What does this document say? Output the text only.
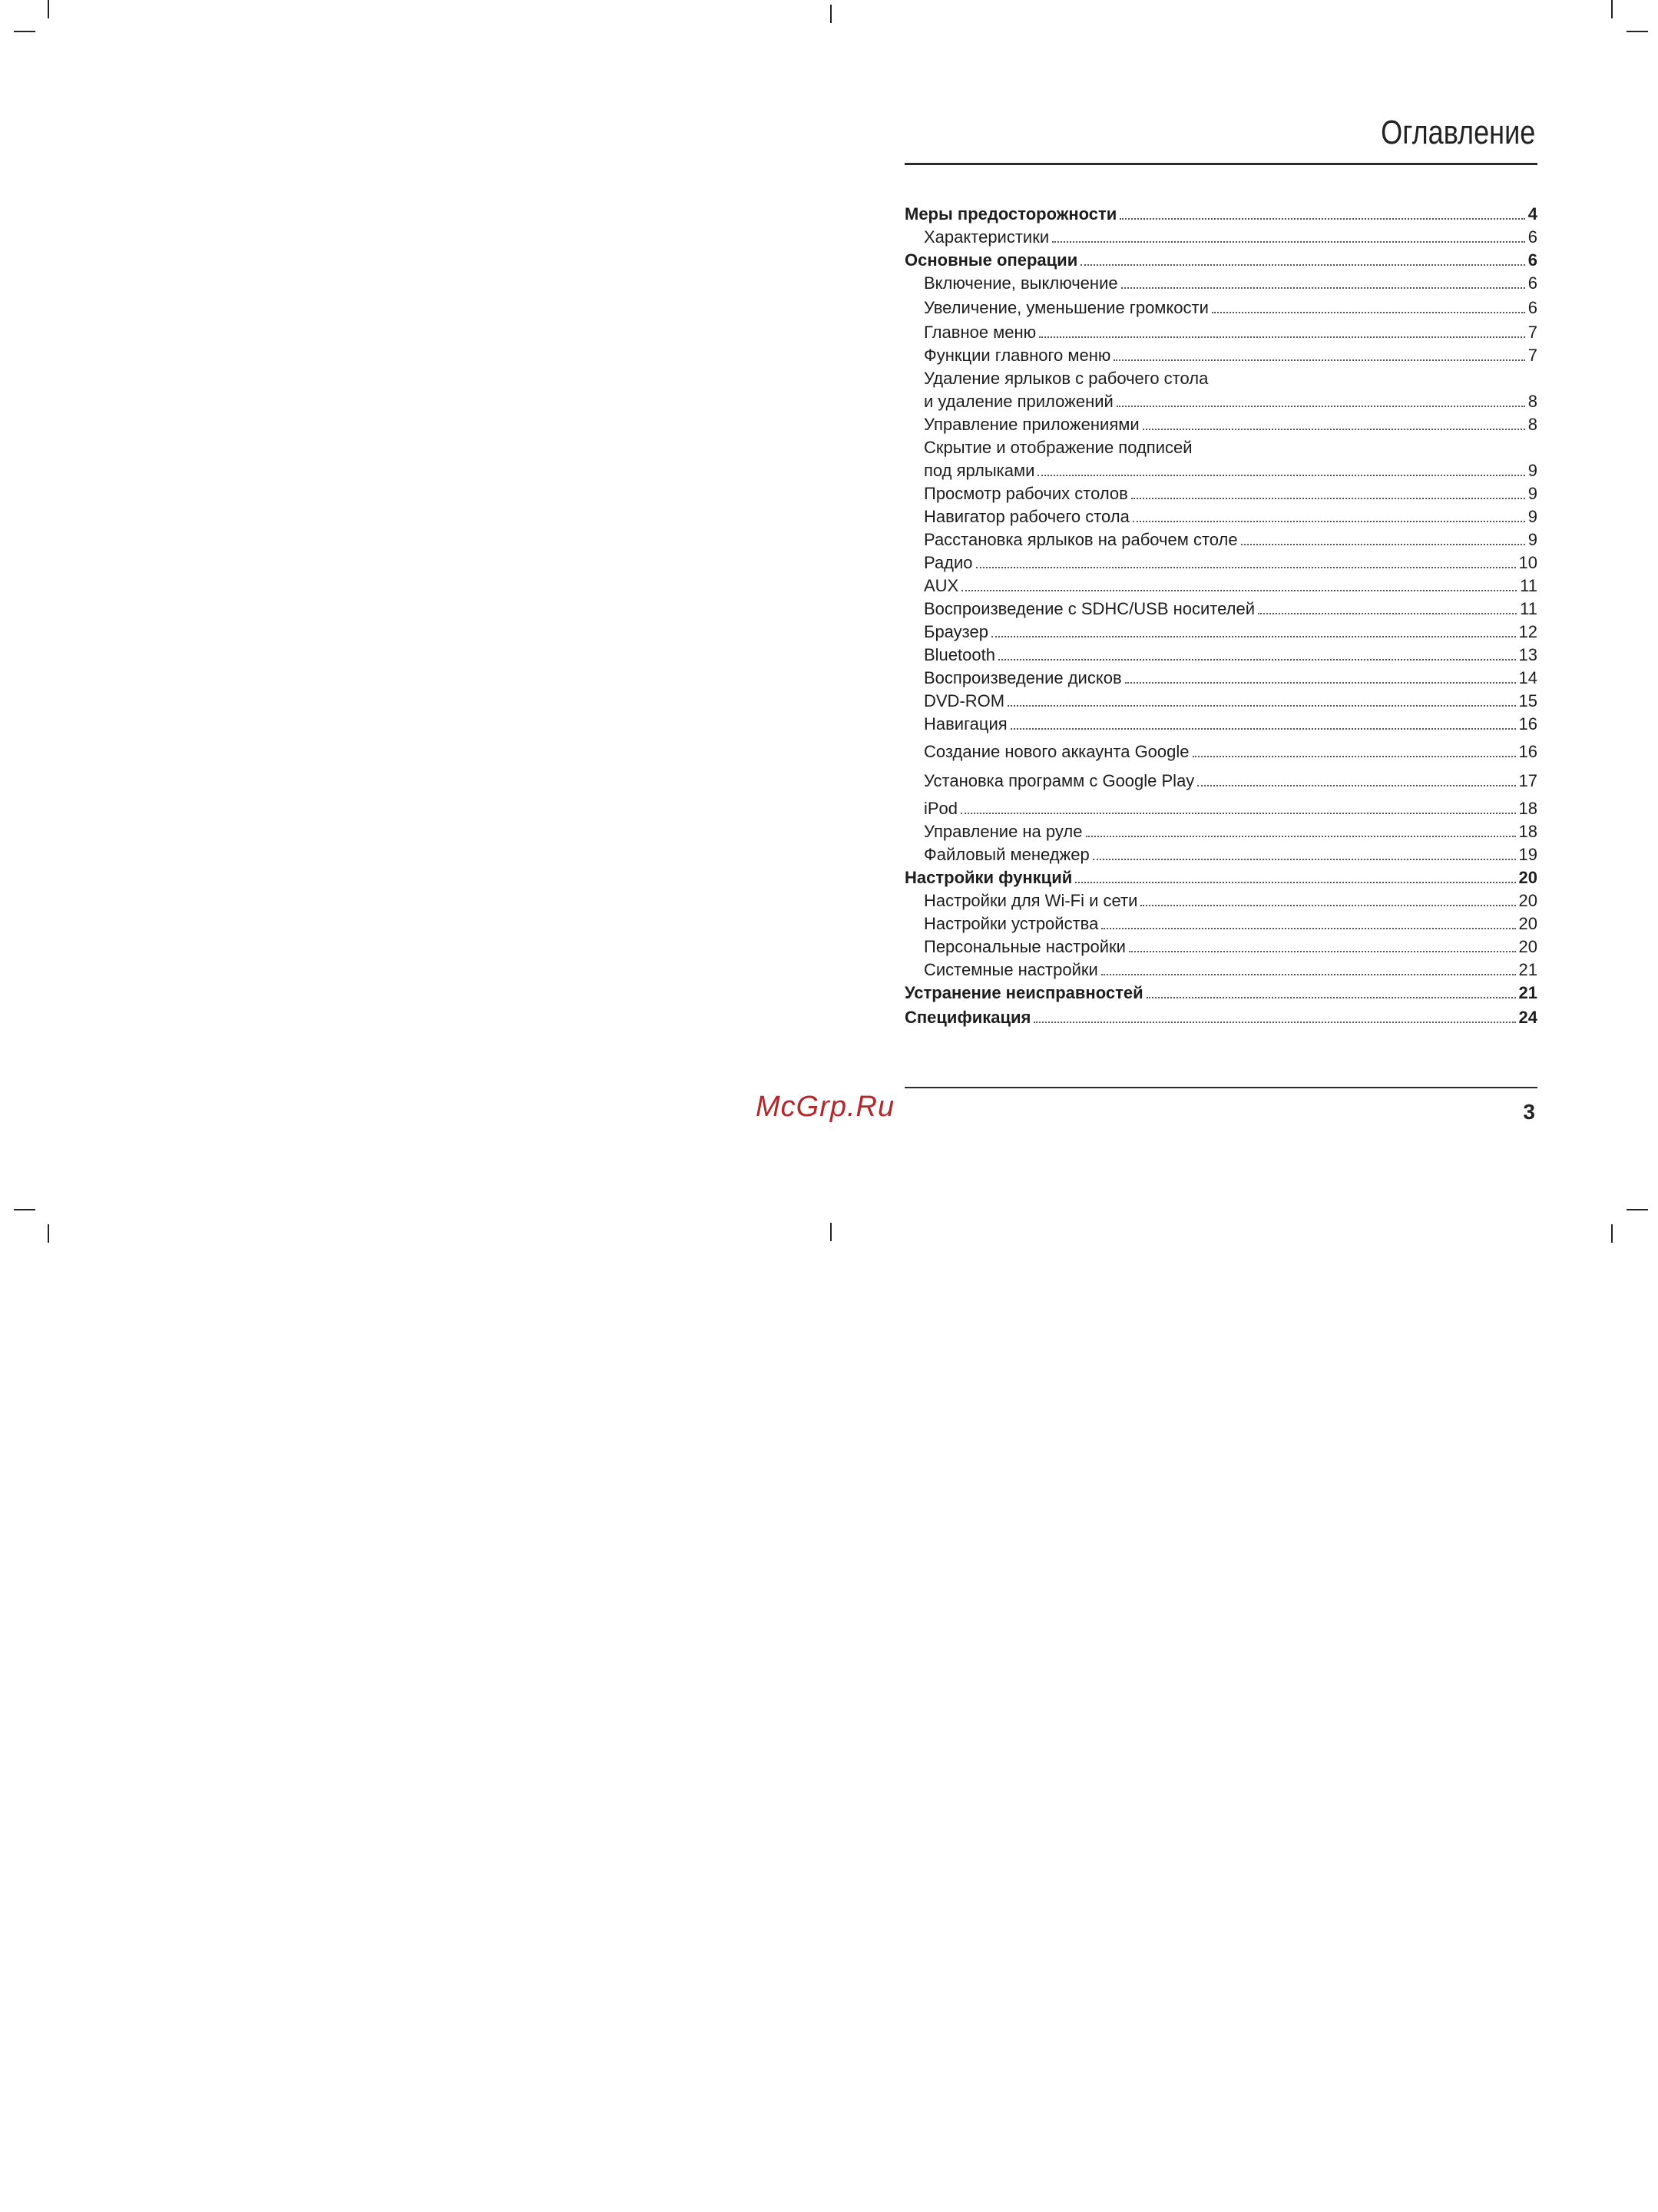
Оглавление
Меры предосторожности	4
Характеристики	6
Основные операции	6
Включение, выключение	6
Увеличение, уменьшение громкости	6
Главное меню	7
Функции главного меню	7
Удаление ярлыков с рабочего стола
и удаление приложений	8
Управление приложениями	8
Скрытие и отображение подписей
под ярлыками	9
Просмотр рабочих столов	9
Навигатор рабочего стола	9
Расстановка ярлыков на рабочем столе	9
Радио	10
AUX	11
Воспроизведение с SDHC/USB носителей	11
Браузер	12
Bluetooth	13
Воспроизведение дисков	14
DVD-ROM	15
Навигация	16
Создание нового аккаунта Google	16
Установка программ с Google Play	17
iPod	18
Управление на руле	18
Файловый менеджер	19
Настройки функций	20
Настройки для Wi-Fi и сети	20
Настройки устройства	20
Персональные настройки	20
Системные настройки	21
Устранение неисправностей	21
Спецификация	24
McGrp.Ru	3
